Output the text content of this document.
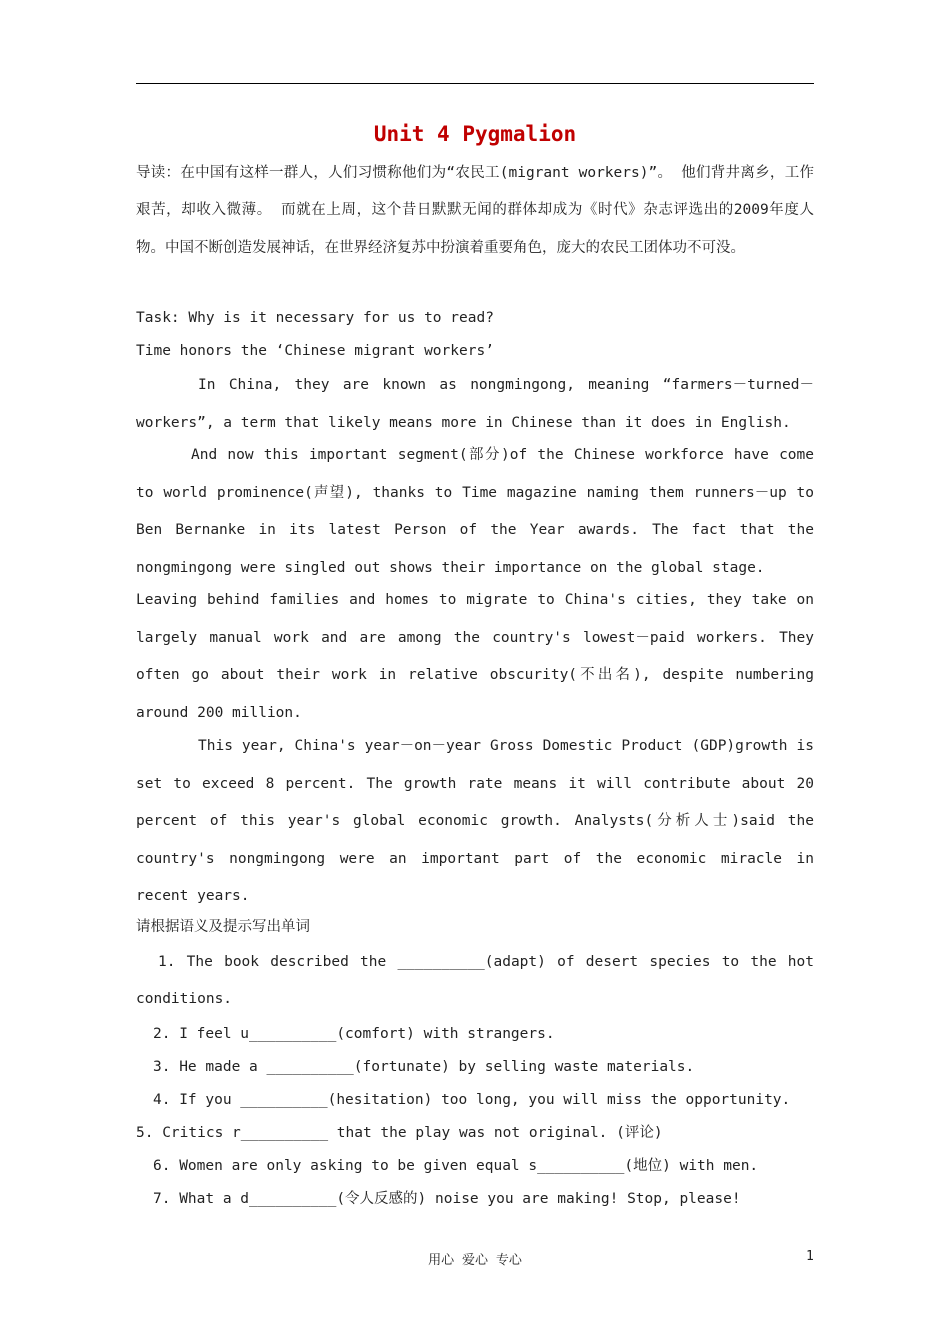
Unit 4 Pygmalion

导读：在中国有这样一群人，人们习惯称他们为“农民工(migrant workers)”。 他们背井离乡，工作艰苦，却收入微薄。 而就在上周，这个昔日默默无闻的群体却成为《时代》杂志评选出的2009年度人物。中国不断创造发展神话，在世界经济复苏中扮演着重要角色，庞大的农民工团体功不可没。

Task: Why is it necessary for us to read?

Time honors the ‘Chinese migrant workers’

In China, they are known as nongmingong, meaning “farmers－turned－workers”, a term that likely means more in Chinese than it does in English.

And now this important segment(部分)of the Chinese workforce have come to world prominence(声望), thanks to Time magazine naming them runners－up to Ben Bernanke in its latest Person of the Year awards. The fact that the nongmingong were singled out shows their importance on the global stage.

Leaving behind families and homes to migrate to China's cities, they take on largely manual work and are among the country's lowest－paid workers. They often go about their work in relative obscurity(不出名), despite numbering around 200 million.

This year, China's year－on－year Gross Domestic Product (GDP)growth is set to exceed 8 percent. The growth rate means it will contribute about 20 percent of this year's global economic growth. Analysts(分析人士)said the country's nongmingong were an important part of the economic miracle in recent years.

请根据语义及提示写出单词

1. The book described the __________(adapt) of desert species to the hot conditions.

2. I feel u__________(comfort) with strangers.

3. He made a __________(fortunate) by selling waste materials.

4. If you __________(hesitation) too long, you will miss the opportunity.

5. Critics r__________ that the play was not original. (评论)

6. Women are only asking to be given equal s__________(地位) with men.

7. What a d__________(令人反感的) noise you are making! Stop, please!

用心 爱心 专心	1
